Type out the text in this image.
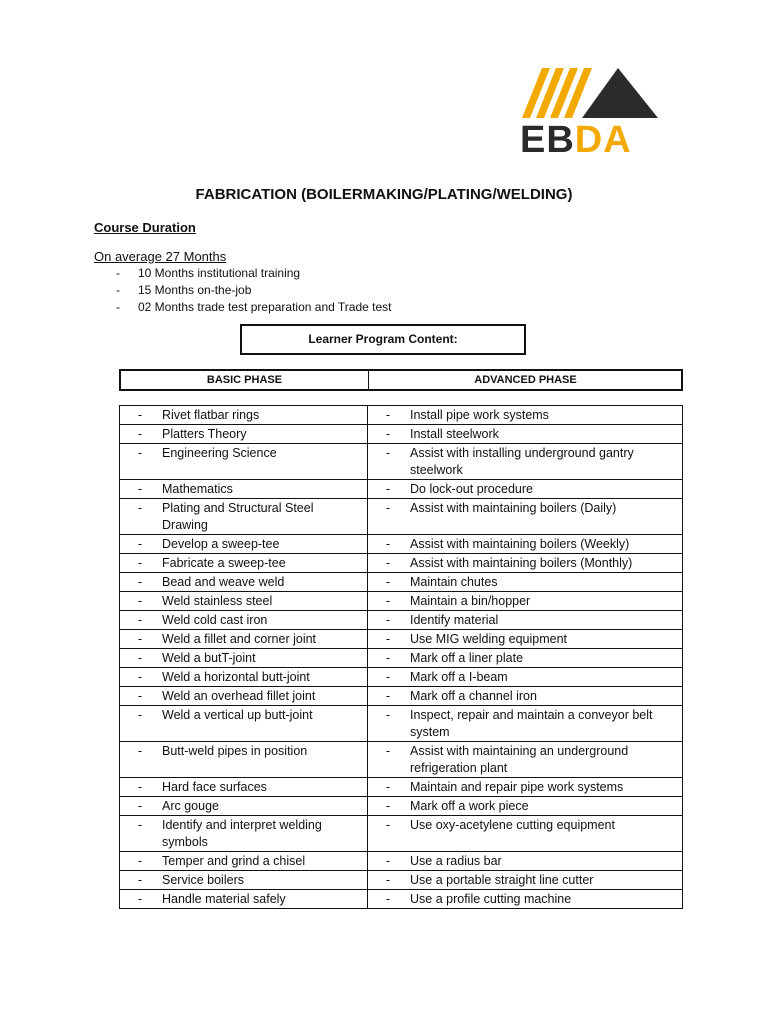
EBDA
FABRICATION (BOILERMAKING/PLATING/WELDING)
Course Duration
On average 27 Months
-	10 Months institutional training
-	15 Months on-the-job
-	02 Months trade test preparation and Trade test
Learner Program Content:
BASIC PHASE	ADVANCED PHASE
- Rivet flatbar rings	- Install pipe work systems

- Platters Theory	- Install steelwork

- Engineering Science	- Assist with installing underground gantry steelwork

- Mathematics	- Do lock-out procedure

- Plating and Structural Steel Drawing	- Assist with maintaining boilers (Daily)

- Develop a sweep-tee	- Assist with maintaining boilers (Weekly)

- Fabricate a sweep-tee	- Assist with maintaining boilers (Monthly)

- Bead and weave weld	- Maintain chutes

- Weld stainless steel	- Maintain a bin/hopper

- Weld cold cast iron	- Identify material

- Weld a fillet and corner joint	- Use MIG welding equipment

- Weld a butT-joint	- Mark off a liner plate

- Weld a horizontal butt-joint	- Mark off a I-beam

- Weld an overhead fillet joint	- Mark off a channel iron

- Weld a vertical up butt-joint	- Inspect, repair and maintain a conveyor belt system

- Butt-weld pipes in position	- Assist with maintaining an underground refrigeration plant

- Hard face surfaces	- Maintain and repair pipe work systems

- Arc gouge	- Mark off a work piece

- Identify and interpret welding symbols	- Use oxy-acetylene cutting equipment

- Temper and grind a chisel	- Use a radius bar

- Service boilers	- Use a portable straight line cutter

- Handle material safely	- Use a profile cutting machine
